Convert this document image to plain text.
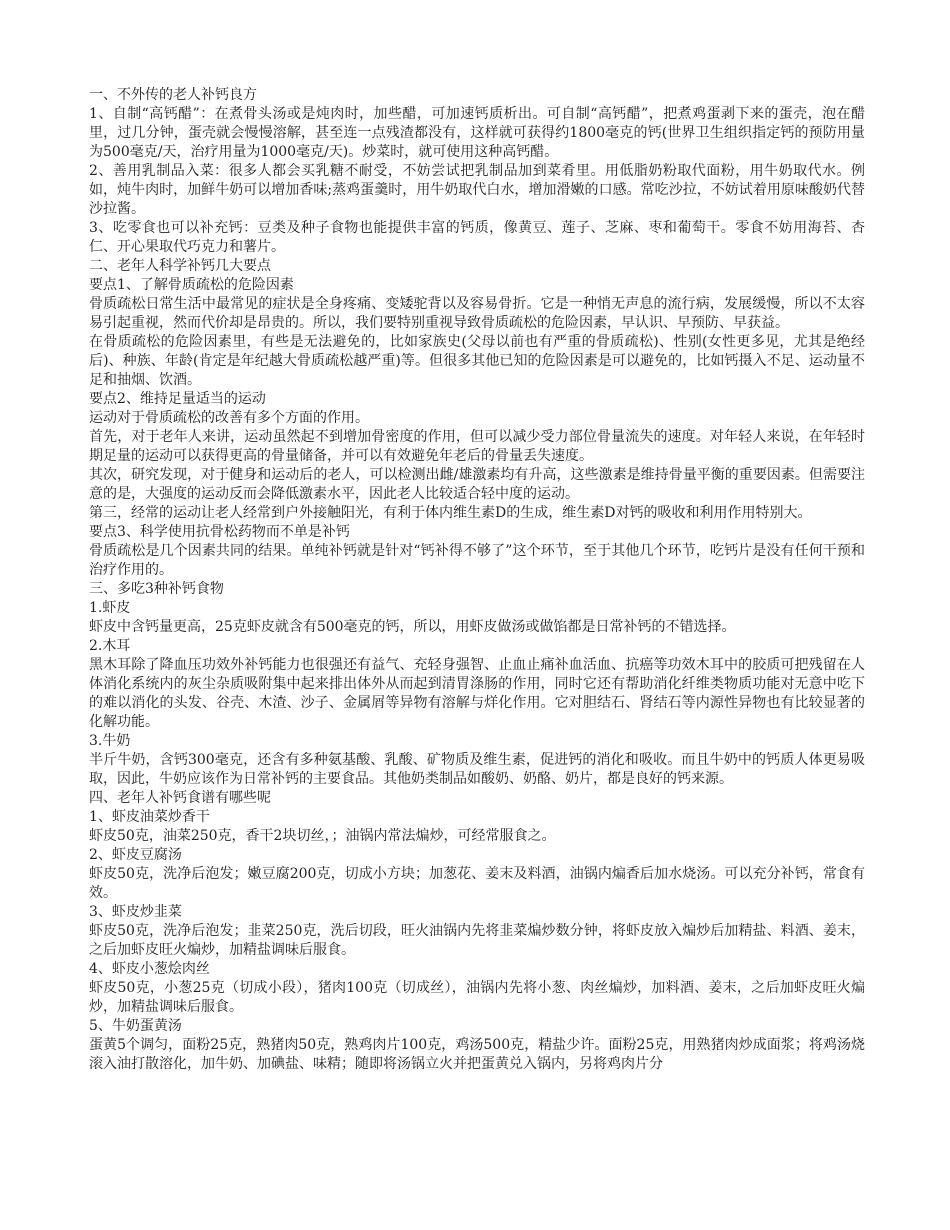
一、不外传的老人补钙良方

1、自制“高钙醋”：在煮骨头汤或是炖肉时，加些醋，可加速钙质析出。可自制“高钙醋”，把煮鸡蛋剥下来的蛋壳，泡在醋里，过几分钟，蛋壳就会慢慢溶解，甚至连一点残渣都没有，这样就可获得约1800毫克的钙(世界卫生组织指定钙的预防用量为500毫克/天，治疗用量为1000毫克/天)。炒菜时，就可使用这种高钙醋。

2、善用乳制品入菜：很多人都会买乳糖不耐受，不妨尝试把乳制品加到菜肴里。用低脂奶粉取代面粉，用牛奶取代水。例如，炖牛肉时，加鲜牛奶可以增加香味;蒸鸡蛋羹时，用牛奶取代白水，增加滑嫩的口感。常吃沙拉，不妨试着用原味酸奶代替沙拉酱。

3、吃零食也可以补充钙：豆类及种子食物也能提供丰富的钙质，像黄豆、莲子、芝麻、枣和葡萄干。零食不妨用海苔、杏仁、开心果取代巧克力和薯片。

二、老年人科学补钙几大要点

要点1、了解骨质疏松的危险因素

骨质疏松日常生活中最常见的症状是全身疼痛、变矮驼背以及容易骨折。它是一种悄无声息的流行病，发展缓慢，所以不太容易引起重视，然而代价却是昂贵的。所以，我们要特别重视导致骨质疏松的危险因素，早认识、早预防、早获益。

在骨质疏松的危险因素里，有些是无法避免的，比如家族史(父母以前也有严重的骨质疏松)、性别(女性更多见，尤其是绝经后)、种族、年龄(肯定是年纪越大骨质疏松越严重)等。但很多其他已知的危险因素是可以避免的，比如钙摄入不足、运动量不足和抽烟、饮酒。

要点2、维持足量适当的运动

运动对于骨质疏松的改善有多个方面的作用。

首先，对于老年人来讲，运动虽然起不到增加骨密度的作用，但可以减少受力部位骨量流失的速度。对年轻人来说，在年轻时期足量的运动可以获得更高的骨量储备，并可以有效避免年老后的骨量丢失速度。

其次，研究发现，对于健身和运动后的老人，可以检测出雌/雄激素均有升高，这些激素是维持骨量平衡的重要因素。但需要注意的是，大强度的运动反而会降低激素水平，因此老人比较适合轻中度的运动。

第三，经常的运动让老人经常到户外接触阳光，有利于体内维生素D的生成，维生素D对钙的吸收和利用作用特别大。

要点3、科学使用抗骨松药物而不单是补钙

骨质疏松是几个因素共同的结果。单纯补钙就是针对“钙补得不够了”这个环节，至于其他几个环节，吃钙片是没有任何干预和治疗作用的。

三、多吃3种补钙食物

1.虾皮

虾皮中含钙量更高，25克虾皮就含有500毫克的钙，所以，用虾皮做汤或做馅都是日常补钙的不错选择。

2.木耳

黑木耳除了降血压功效外补钙能力也很强还有益气、充轻身强智、止血止痛补血活血、抗癌等功效木耳中的胶质可把残留在人体消化系统内的灰尘杂质吸附集中起来排出体外从而起到清胃涤肠的作用，同时它还有帮助消化纤维类物质功能对无意中吃下的难以消化的头发、谷壳、木渣、沙子、金属屑等异物有溶解与烊化作用。它对胆结石、肾结石等内源性异物也有比较显著的化解功能。

3.牛奶

半斤牛奶，含钙300毫克，还含有多种氨基酸、乳酸、矿物质及维生素，促进钙的消化和吸收。而且牛奶中的钙质人体更易吸取，因此，牛奶应该作为日常补钙的主要食品。其他奶类制品如酸奶、奶酪、奶片，都是良好的钙来源。

四、老年人补钙食谱有哪些呢

1、虾皮油菜炒香干

虾皮50克，油菜250克，香干2块切丝，；油锅内常法煸炒，可经常服食之。

2、虾皮豆腐汤

虾皮50克，洗净后泡发；嫩豆腐200克，切成小方块；加葱花、姜末及料酒，油锅内煸香后加水烧汤。可以充分补钙，常食有效。

3、虾皮炒韭菜

虾皮50克，洗净后泡发；韭菜250克，洗后切段，旺火油锅内先将韭菜煸炒数分钟，将虾皮放入煸炒后加精盐、料酒、姜末，之后加虾皮旺火煸炒，加精盐调味后服食。

4、虾皮小葱烩肉丝

虾皮50克，小葱25克（切成小段），猪肉100克（切成丝），油锅内先将小葱、肉丝煸炒，加料酒、姜末，之后加虾皮旺火煸炒，加精盐调味后服食。

5、牛奶蛋黄汤

蛋黄5个调匀，面粉25克，熟猪肉50克，熟鸡肉片100克，鸡汤500克，精盐少许。面粉25克，用熟猪肉炒成面浆；将鸡汤烧滚入油打散溶化，加牛奶、加碘盐、味精；随即将汤锅立火并把蛋黄兑入锅内，另将鸡肉片分
